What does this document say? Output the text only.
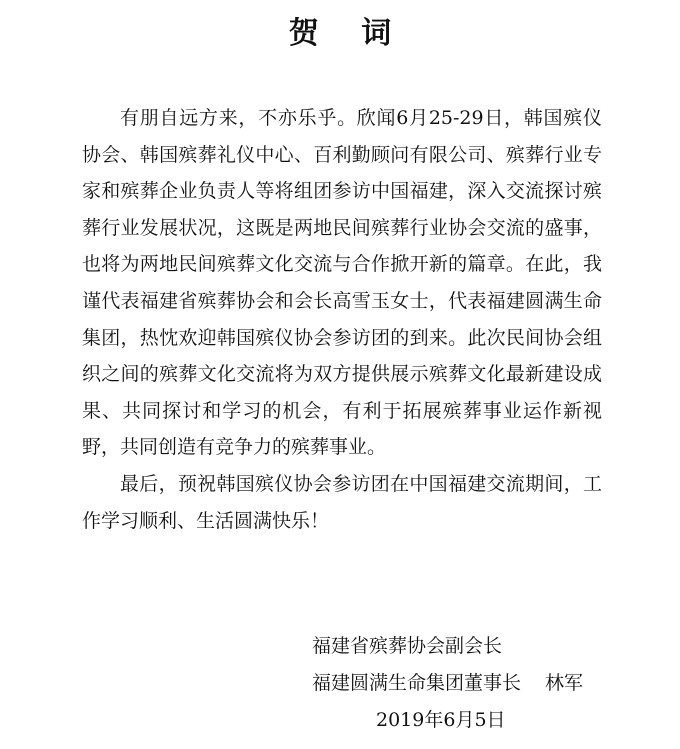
贺 词

有朋自远方来，不亦乐乎。欣闻6月25-29日，韩国殡仪协会、韩国殡葬礼仪中心、百利勤顾问有限公司、殡葬行业专家和殡葬企业负责人等将组团参访中国福建，深入交流探讨殡葬行业发展状况，这既是两地民间殡葬行业协会交流的盛事，也将为两地民间殡葬文化交流与合作掀开新的篇章。在此，我谨代表福建省殡葬协会和会长高雪玉女士，代表福建圆满生命集团，热忱欢迎韩国殡仪协会参访团的到来。此次民间协会组织之间的殡葬文化交流将为双方提供展示殡葬文化最新建设成果、共同探讨和学习的机会，有利于拓展殡葬事业运作新视野，共同创造有竞争力的殡葬事业。

最后，预祝韩国殡仪协会参访团在中国福建交流期间，工作学习顺利、生活圆满快乐！

福建省殡葬协会副会长
福建圆满生命集团董事长 林军
2019年6月5日
